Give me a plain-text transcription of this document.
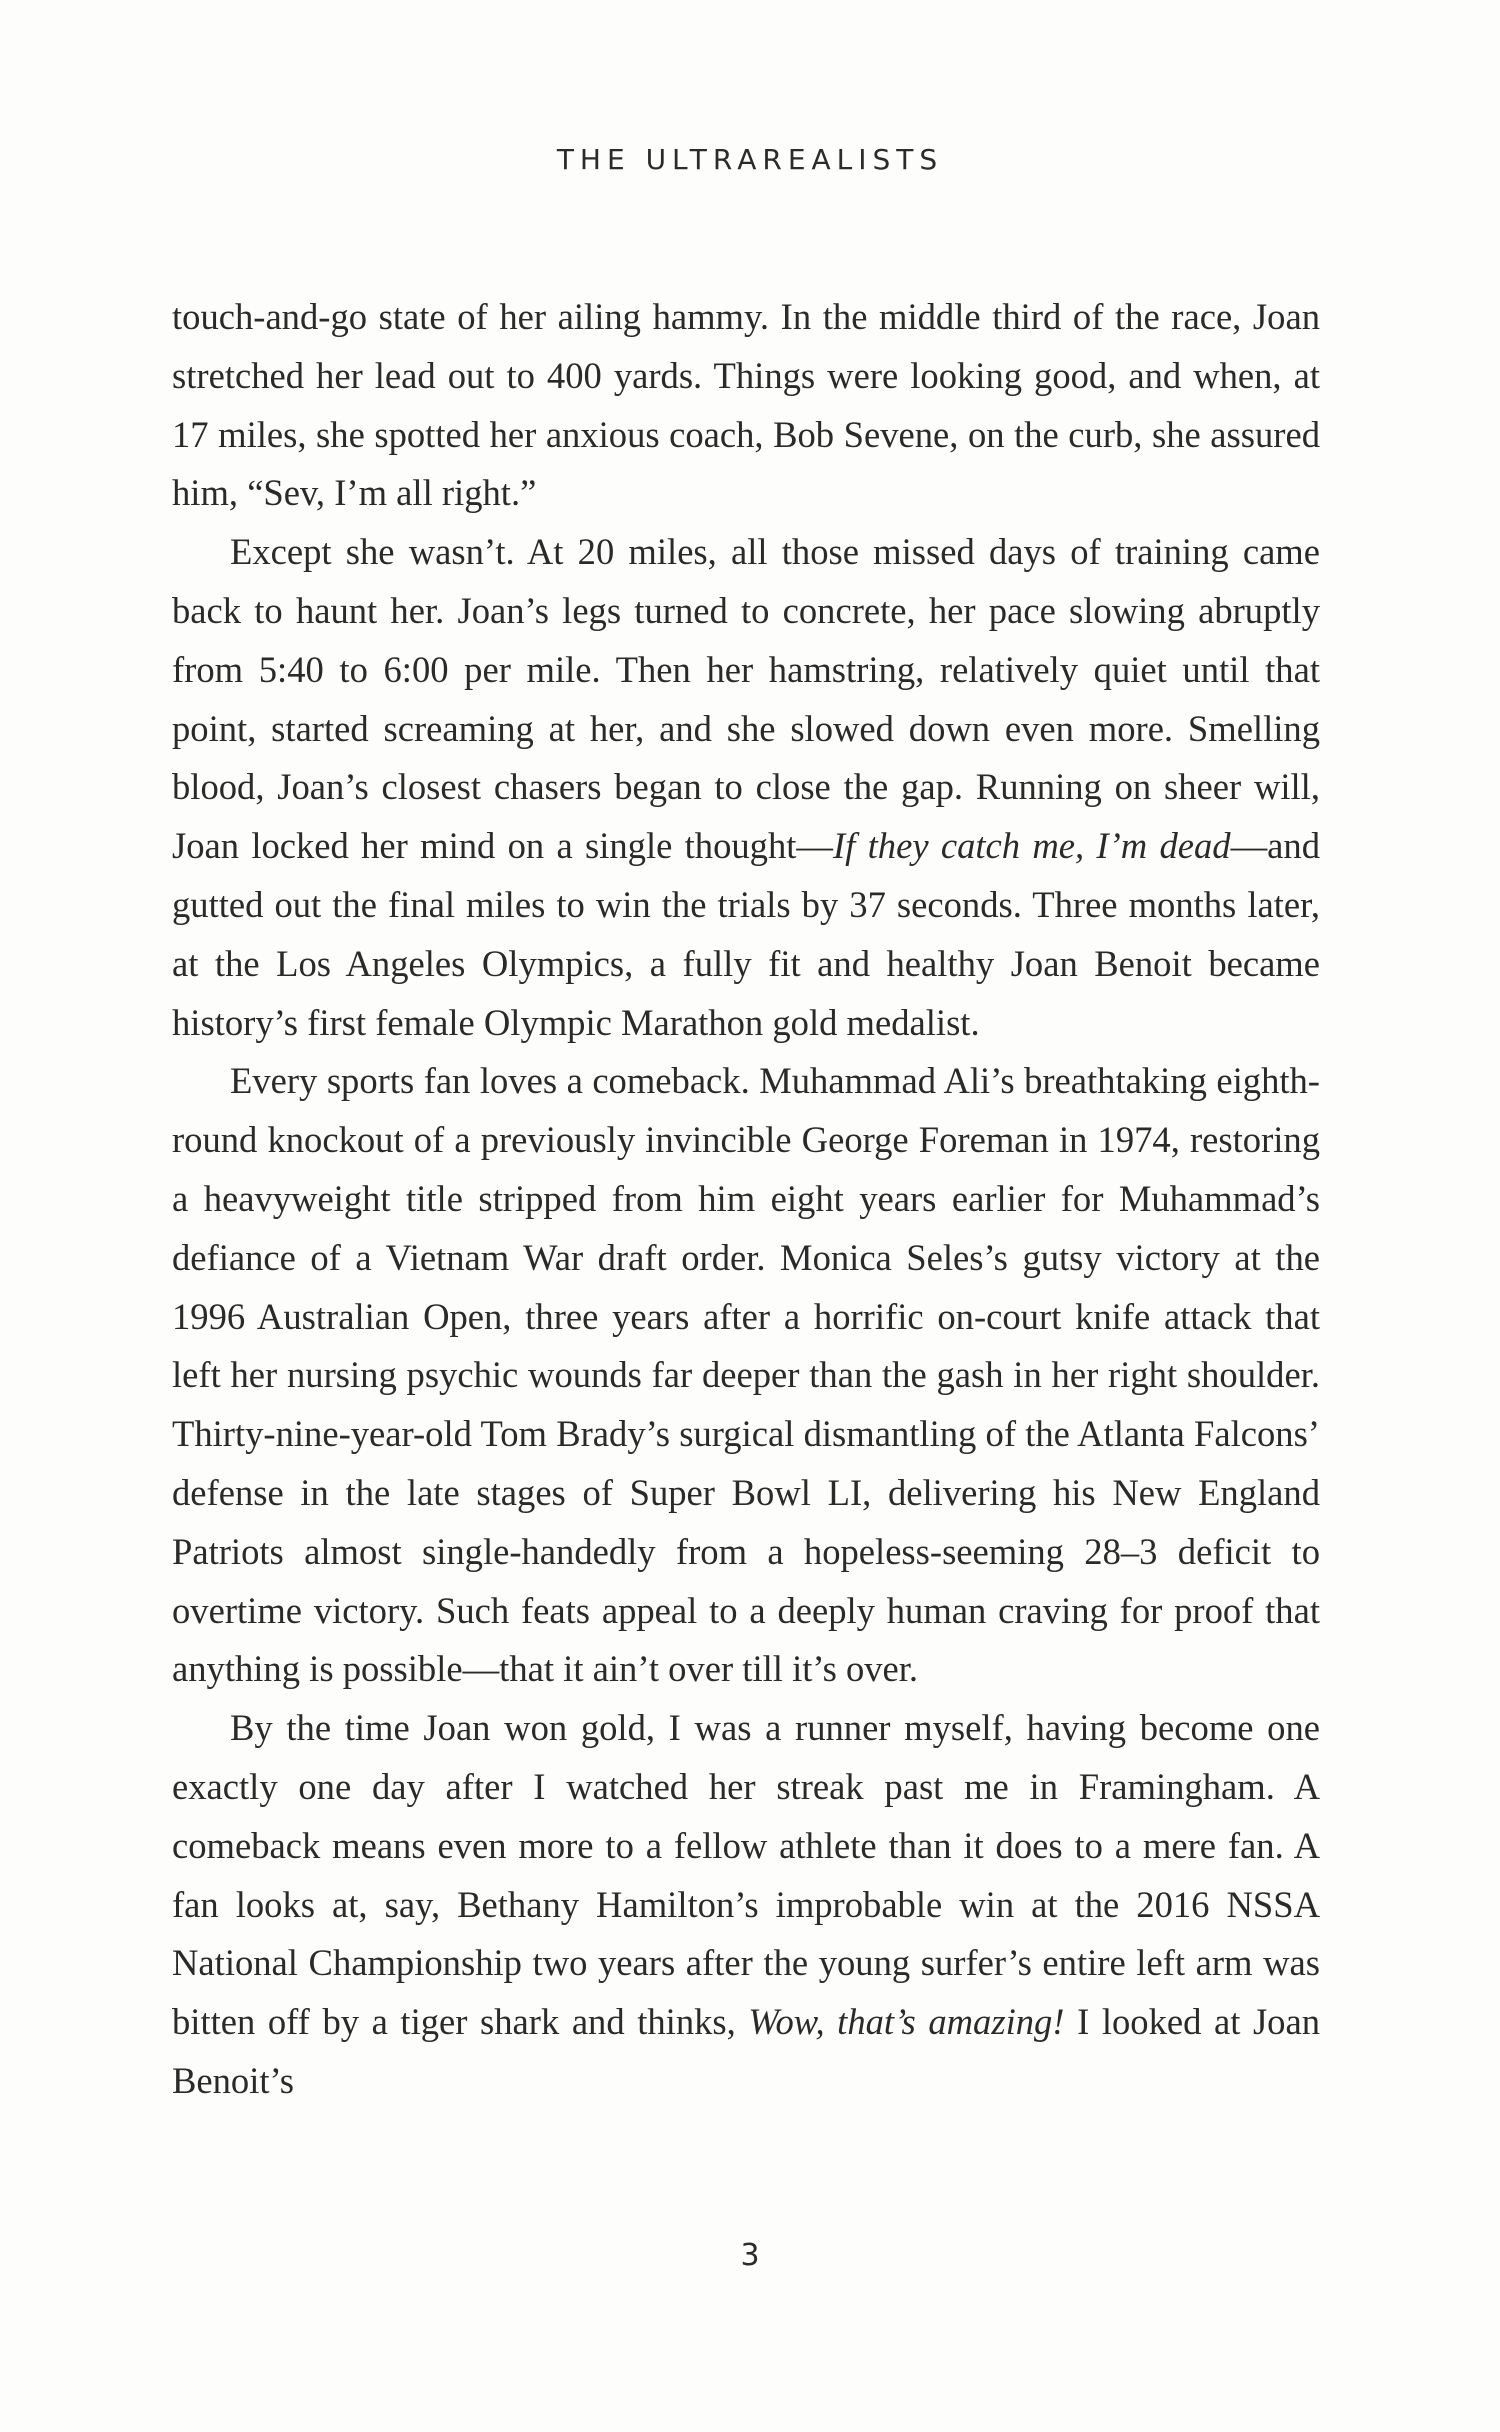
THE ULTRAREALISTS

touch-and-go state of her ailing hammy. In the middle third of the race, Joan stretched her lead out to 400 yards. Things were looking good, and when, at 17 miles, she spotted her anxious coach, Bob Sevene, on the curb, she assured him, “Sev, I’m all right.”

Except she wasn’t. At 20 miles, all those missed days of training came back to haunt her. Joan’s legs turned to concrete, her pace slowing abruptly from 5:40 to 6:00 per mile. Then her hamstring, relatively quiet until that point, started screaming at her, and she slowed down even more. Smelling blood, Joan’s closest chasers began to close the gap. Running on sheer will, Joan locked her mind on a single thought—If they catch me, I’m dead—and gutted out the final miles to win the trials by 37 seconds. Three months later, at the Los Angeles Olympics, a fully fit and healthy Joan Benoit became history’s first female Olympic Marathon gold medalist.

Every sports fan loves a comeback. Muhammad Ali’s breathtaking eighth-round knockout of a previously invincible George Foreman in 1974, restoring a heavyweight title stripped from him eight years earlier for Muhammad’s defiance of a Vietnam War draft order. Monica Seles’s gutsy victory at the 1996 Australian Open, three years after a horrific on-court knife attack that left her nursing psychic wounds far deeper than the gash in her right shoulder. Thirty-nine-year-old Tom Brady’s surgical dismantling of the Atlanta Falcons’ defense in the late stages of Super Bowl LI, delivering his New England Patriots almost single-handedly from a hopeless-seeming 28–3 deficit to overtime victory. Such feats appeal to a deeply human craving for proof that anything is possible—that it ain’t over till it’s over.

By the time Joan won gold, I was a runner myself, having become one exactly one day after I watched her streak past me in Framingham. A comeback means even more to a fellow athlete than it does to a mere fan. A fan looks at, say, Bethany Hamilton’s improbable win at the 2016 NSSA National Championship two years after the young surfer’s entire left arm was bitten off by a tiger shark and thinks, Wow, that’s amazing! I looked at Joan Benoit’s

3
